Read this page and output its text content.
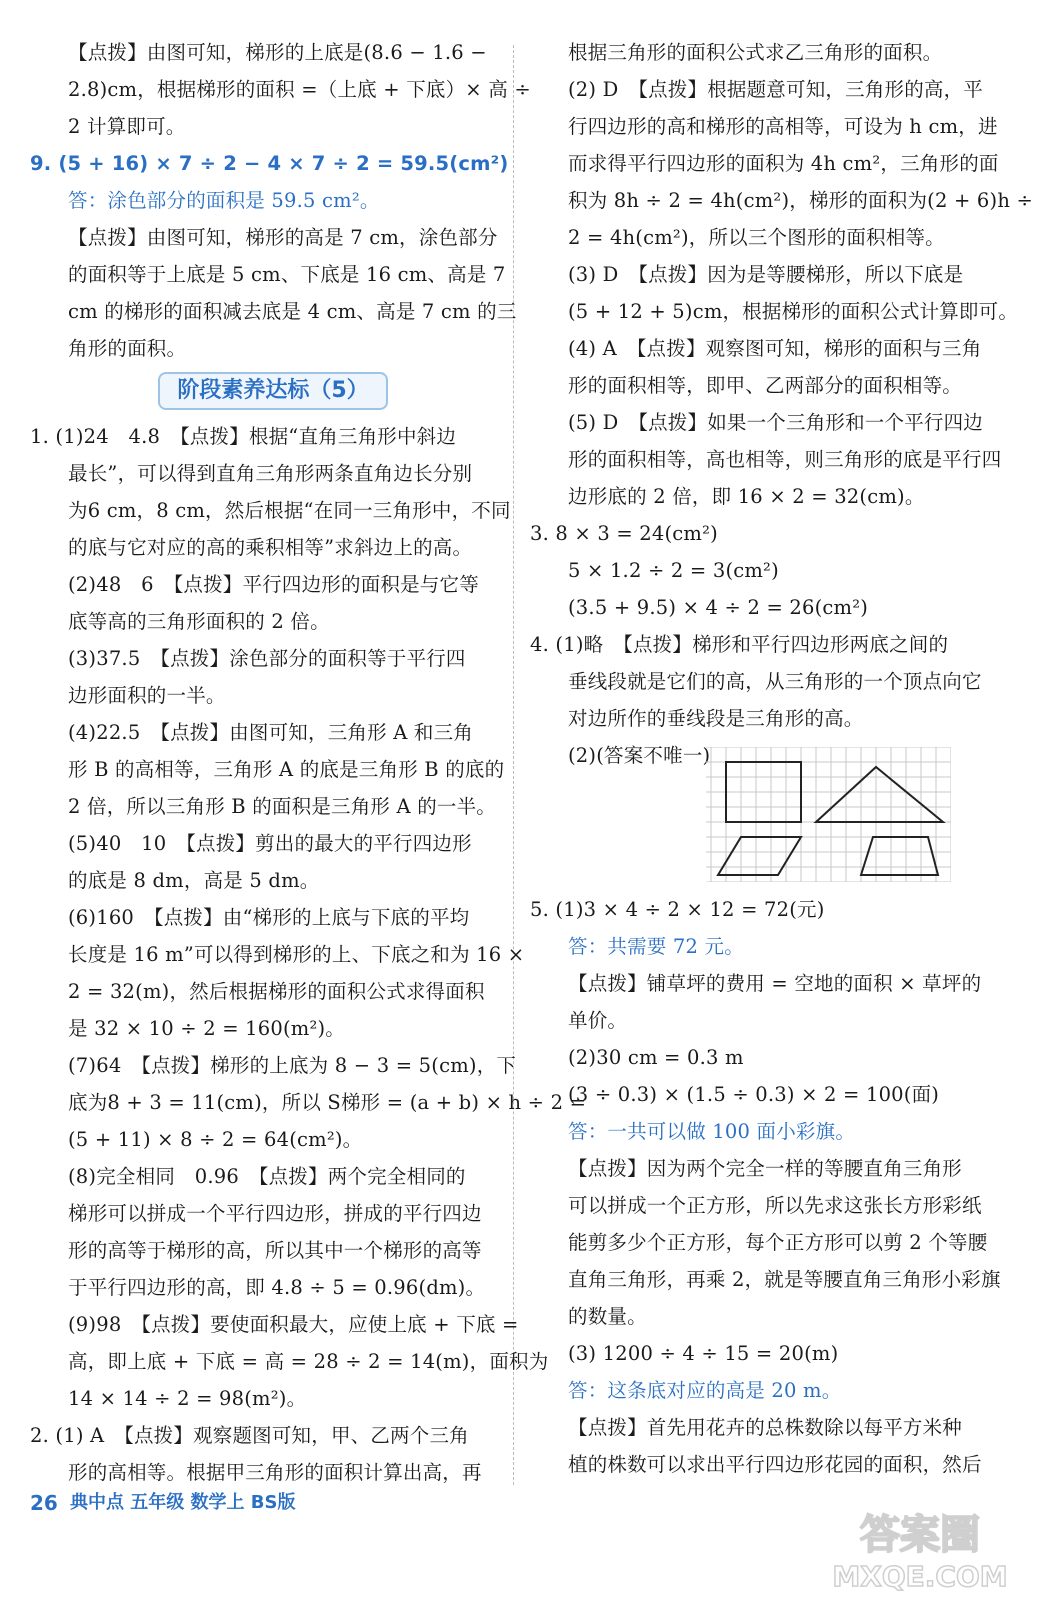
【点拨】由图可知，梯形的上底是(8.6 − 1.6 −
2.8)cm，根据梯形的面积 =（上底 + 下底）× 高 ÷
2 计算即可。
9. (5 + 16) × 7 ÷ 2 − 4 × 7 ÷ 2 = 59.5(cm²)
答：涂色部分的面积是 59.5 cm²。
【点拨】由图可知，梯形的高是 7 cm，涂色部分
的面积等于上底是 5 cm、下底是 16 cm、高是 7
cm 的梯形的面积减去底是 4 cm、高是 7 cm 的三
角形的面积。
阶段素养达标（5）
1. (1)24　4.8　【点拨】根据“直角三角形中斜边
最长”，可以得到直角三角形两条直角边长分别
为6 cm，8 cm，然后根据“在同一三角形中，不同
的底与它对应的高的乘积相等”求斜边上的高。
(2)48　6　【点拨】平行四边形的面积是与它等
底等高的三角形面积的 2 倍。
(3)37.5　【点拨】涂色部分的面积等于平行四
边形面积的一半。
(4)22.5　【点拨】由图可知，三角形 A 和三角
形 B 的高相等，三角形 A 的底是三角形 B 的底的
2 倍，所以三角形 B 的面积是三角形 A 的一半。
(5)40　10　【点拨】剪出的最大的平行四边形
的底是 8 dm，高是 5 dm。
(6)160　【点拨】由“梯形的上底与下底的平均
长度是 16 m”可以得到梯形的上、下底之和为 16 ×
2 = 32(m)，然后根据梯形的面积公式求得面积
是 32 × 10 ÷ 2 = 160(m²)。
(7)64　【点拨】梯形的上底为 8 − 3 = 5(cm)，下
底为8 + 3 = 11(cm)，所以 S梯形 = (a + b) × h ÷ 2 =
(5 + 11) × 8 ÷ 2 = 64(cm²)。
(8)完全相同　0.96　【点拨】两个完全相同的
梯形可以拼成一个平行四边形，拼成的平行四边
形的高等于梯形的高，所以其中一个梯形的高等
于平行四边形的高，即 4.8 ÷ 5 = 0.96(dm)。
(9)98　【点拨】要使面积最大，应使上底 + 下底 =
高，即上底 + 下底 = 高 = 28 ÷ 2 = 14(m)，面积为
14 × 14 ÷ 2 = 98(m²)。
2. (1) A　【点拨】观察题图可知，甲、乙两个三角
形的高相等。根据甲三角形的面积计算出高，再
根据三角形的面积公式求乙三角形的面积。
(2) D　【点拨】根据题意可知，三角形的高，平
行四边形的高和梯形的高相等，可设为 h cm，进
而求得平行四边形的面积为 4h cm²，三角形的面
积为 8h ÷ 2 = 4h(cm²)，梯形的面积为(2 + 6)h ÷
2 = 4h(cm²)，所以三个图形的面积相等。
(3) D　【点拨】因为是等腰梯形，所以下底是
(5 + 12 + 5)cm，根据梯形的面积公式计算即可。
(4) A　【点拨】观察图可知，梯形的面积与三角
形的面积相等，即甲、乙两部分的面积相等。
(5) D　【点拨】如果一个三角形和一个平行四边
形的面积相等，高也相等，则三角形的底是平行四
边形底的 2 倍，即 16 × 2 = 32(cm)。
3. 8 × 3 = 24(cm²)
5 × 1.2 ÷ 2 = 3(cm²)
(3.5 + 9.5) × 4 ÷ 2 = 26(cm²)
4. (1)略　【点拨】梯形和平行四边形两底之间的
垂线段就是它们的高，从三角形的一个顶点向它
对边所作的垂线段是三角形的高。
(2)(答案不唯一)
5. (1)3 × 4 ÷ 2 × 12 = 72(元)
答：共需要 72 元。
【点拨】铺草坪的费用 = 空地的面积 × 草坪的
单价。
(2)30 cm = 0.3 m
(3 ÷ 0.3) × (1.5 ÷ 0.3) × 2 = 100(面)
答：一共可以做 100 面小彩旗。
【点拨】因为两个完全一样的等腰直角三角形
可以拼成一个正方形，所以先求这张长方形彩纸
能剪多少个正方形，每个正方形可以剪 2 个等腰
直角三角形，再乘 2，就是等腰直角三角形小彩旗
的数量。
(3) 1200 ÷ 4 ÷ 15 = 20(m)
答：这条底对应的高是 20 m。
【点拨】首先用花卉的总株数除以每平方米种
植的株数可以求出平行四边形花园的面积，然后
26 典中点 五年级 数学上 BS版
答案圈
MXQE.COM
